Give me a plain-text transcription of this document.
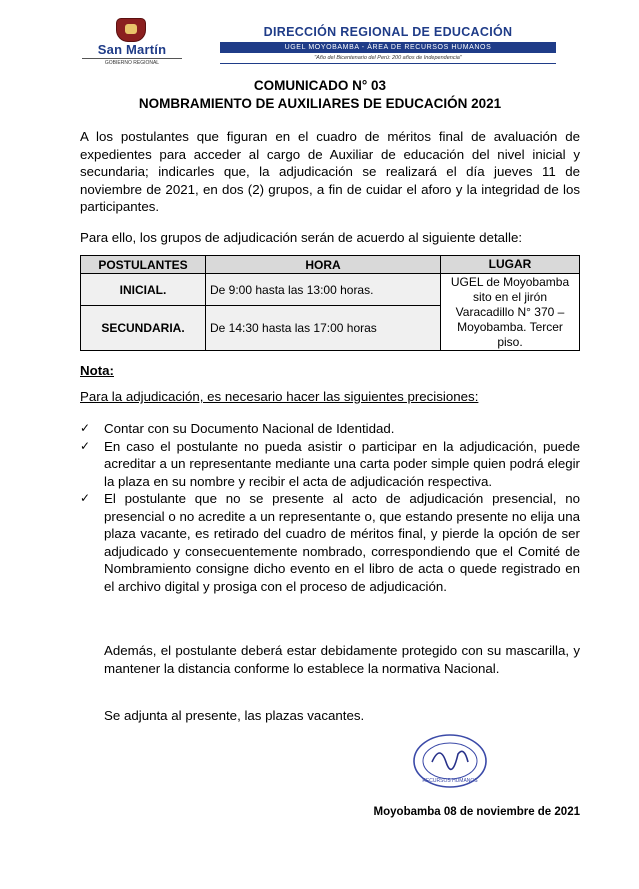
San Martín
GOBIERNO REGIONAL
DIRECCIÓN REGIONAL DE EDUCACIÓN
UGEL MOYOBAMBA - ÁREA DE RECURSOS HUMANOS
"Año del Bicentenario del Perú: 200 años de Independencia"
COMUNICADO N° 03
NOMBRAMIENTO DE AUXILIARES DE EDUCACIÓN 2021
A los postulantes que figuran en el cuadro de méritos final de avaluación de expedientes para acceder al cargo de Auxiliar de educación del nivel inicial y secundaria; indicarles que, la adjudicación se realizará el día jueves 11 de noviembre de 2021, en dos (2) grupos, a fin de cuidar el aforo y la integridad de los participantes.
Para ello, los grupos de adjudicación serán de acuerdo al siguiente detalle:
POSTULANTES	HORA	LUGAR
INICIAL.	De 9:00 hasta las 13:00 horas.	UGEL de Moyobamba sito en el jirón Varacadillo N° 370 – Moyobamba. Tercer piso.
SECUNDARIA.	De 14:30 hasta las 17:00 horas	
Nota:
Para la adjudicación, es necesario hacer las siguientes precisiones:
✓ Contar con su Documento Nacional de Identidad.
✓ En caso el postulante no pueda asistir o participar en la adjudicación, puede acreditar a un representante mediante una carta poder simple quien podrá elegir la plaza en su nombre y recibir el acta de adjudicación respectiva.
✓ El postulante que no se presente al acto de adjudicación presencial, no presencial o no acredite a un representante o, que estando presente no elija una plaza vacante, es retirado del cuadro de méritos final, y pierde la opción de ser adjudicado y consecuentemente nombrado, correspondiendo que el Comité de Nombramiento consigne dicho evento en el libro de acta o quede registrado en el archivo digital y prosiga con el proceso de adjudicación.
Además, el postulante deberá estar debidamente protegido con su mascarilla, y mantener la distancia conforme lo establece la normativa Nacional.
Se adjunta al presente, las plazas vacantes.
RECURSOS HUMANOS
Moyobamba 08 de noviembre de 2021
